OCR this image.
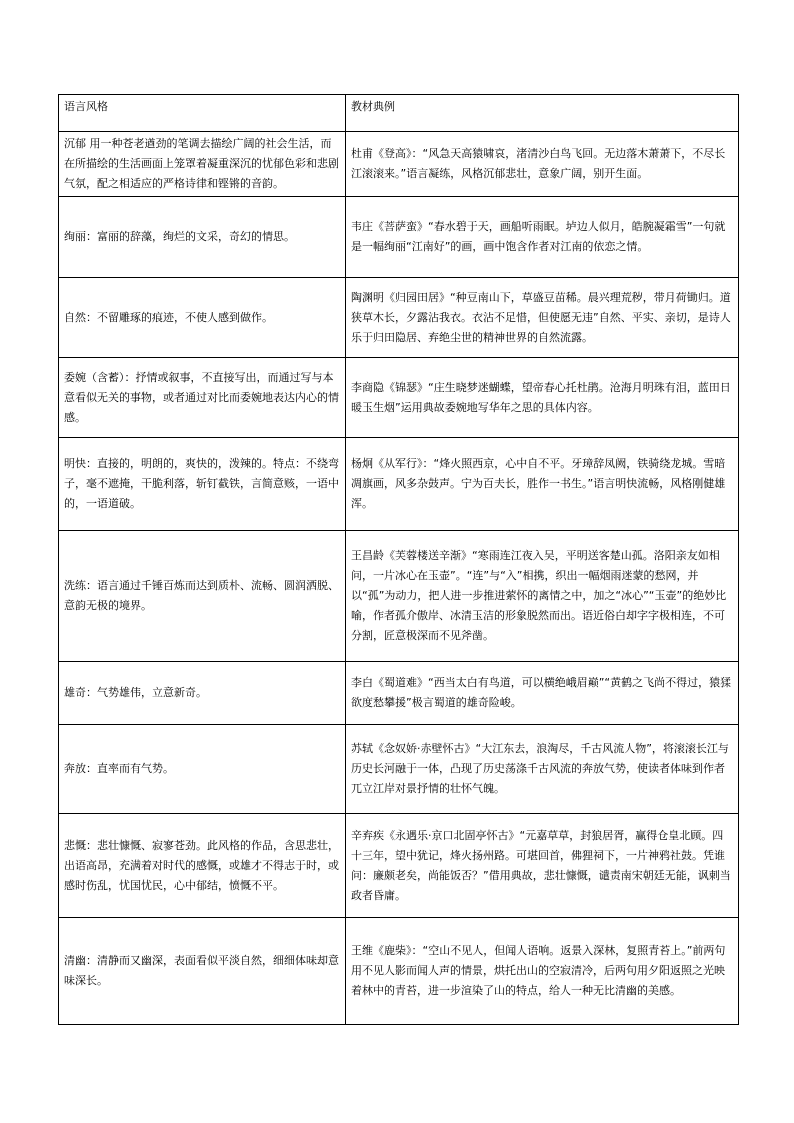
语言风格	教材典例
沉郁 用一种苍老遒劲的笔调去描绘广阔的社会生活，而在所描绘的生活画面上笼罩着凝重深沉的忧郁色彩和悲剧气氛，配之相适应的严格诗律和铿锵的音韵。	杜甫《登高》：“风急天高猿啸哀，渚清沙白鸟飞回。无边落木萧萧下，不尽长江滚滚来。”语言凝练，风格沉郁悲壮，意象广阔，别开生面。
绚丽：富丽的辞藻，绚烂的文采，奇幻的情思。	韦庄《菩萨蛮》“春水碧于天，画船听雨眠。垆边人似月，皓腕凝霜雪”一句就是一幅绚丽“江南好”的画，画中饱含作者对江南的依恋之情。
自然：不留雕琢的痕迹，不使人感到做作。	陶渊明《归园田居》“种豆南山下，草盛豆苗稀。晨兴理荒秽，带月荷锄归。道狭草木长，夕露沾我衣。衣沾不足惜，但使愿无违”自然、平实、亲切，是诗人乐于归田隐居、弃绝尘世的精神世界的自然流露。
委婉（含蓄）：抒情或叙事，不直接写出，而通过写与本意看似无关的事物，或者通过对比而委婉地表达内心的情感。	李商隐《锦瑟》“庄生晓梦迷蝴蝶，望帝春心托杜鹃。沧海月明珠有泪，蓝田日暖玉生烟”运用典故委婉地写华年之思的具体内容。
明快：直接的，明朗的，爽快的，泼辣的。特点：不绕弯子，毫不遮掩，干脆利落，斩钉截铁，言简意赅，一语中的，一语道破。	杨炯《从军行》：“烽火照西京，心中自不平。牙璋辞凤阙，铁骑绕龙城。雪暗凋旗画，风多杂鼓声。宁为百夫长，胜作一书生。”语言明快流畅，风格刚健雄浑。
洗练：语言通过千锤百炼而达到质朴、流畅、圆润洒脱、意韵无极的境界。	王昌龄《芙蓉楼送辛渐》“寒雨连江夜入吴，平明送客楚山孤。洛阳亲友如相问，一片冰心在玉壶”。“连”与“入”相携，织出一幅烟雨迷蒙的愁网，并以“孤”为动力，把人进一步推进萦怀的离情之中，加之“冰心”“玉壶”的绝妙比喻，作者孤介傲岸、冰清玉洁的形象脱然而出。语近俗白却字字极相连，不可分割，匠意极深而不见斧凿。
雄奇：气势雄伟，立意新奇。	李白《蜀道难》“西当太白有鸟道，可以横绝峨眉巅”“黄鹤之飞尚不得过，猿猱欲度愁攀援”极言蜀道的雄奇险峻。
奔放：直率而有气势。	苏轼《念奴娇·赤壁怀古》“大江东去，浪淘尽，千古风流人物”，将滚滚长江与历史长河融于一体，凸现了历史荡涤千古风流的奔放气势，使读者体味到作者兀立江岸对景抒情的壮怀气魄。
悲慨：悲壮慷慨、寂寥苍劲。此风格的作品，含思悲壮，出语高昂，充满着对时代的感慨，或雄才不得志于时，或感时伤乱，忧国忧民，心中郁结，愤慨不平。	辛弃疾《永遇乐·京口北固亭怀古》“元嘉草草，封狼居胥，赢得仓皇北顾。四十三年，望中犹记，烽火扬州路。可堪回首，佛狸祠下，一片神鸦社鼓。凭谁问：廉颇老矣，尚能饭否？”借用典故，悲壮慷慨，谴责南宋朝廷无能，讽刺当政者昏庸。
清幽：清静而又幽深，表面看似平淡自然，细细体味却意味深长。	王维《鹿柴》：“空山不见人，但闻人语响。返景入深林，复照青苔上。”前两句用不见人影而闻人声的情景，烘托出山的空寂清冷，后两句用夕阳返照之光映着林中的青苔，进一步渲染了山的特点，给人一种无比清幽的美感。
